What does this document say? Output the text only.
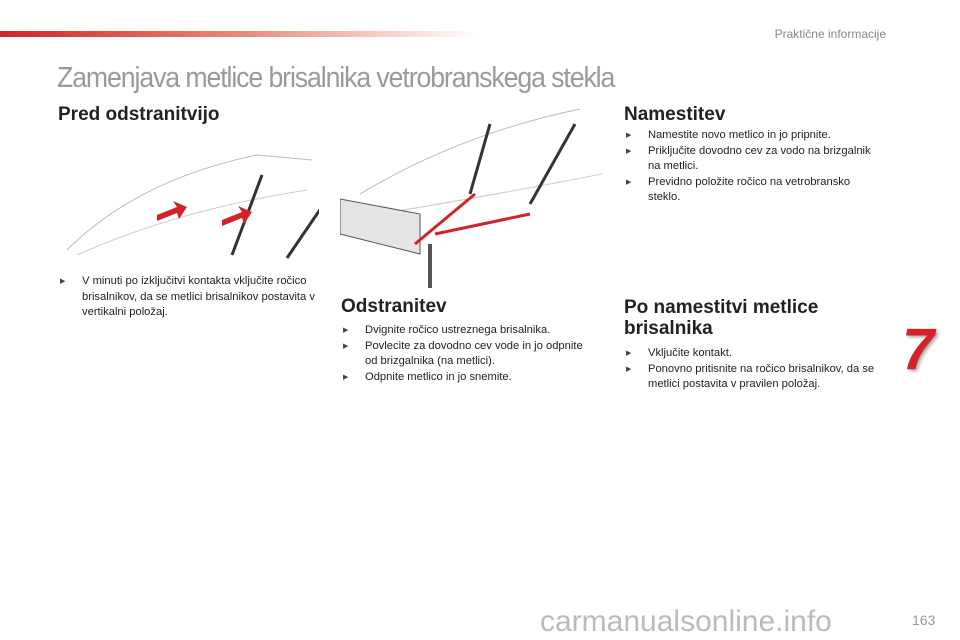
Praktične informacije
Zamenjava metlice brisalnika vetrobranskega stekla
Pred odstranitvijo
▶ V minuti po izključitvi kontakta vključite ročico brisalnikov, da se metlici brisalnikov postavita v vertikalni položaj.	Odstranitev
▶ Dvignite ročico ustreznega brisalnika.
▶ Povlecite za dovodno cev vode in jo odpnite od brizgalnika (na metlici).
▶ Odpnite metlico in jo snemite.
Namestitev
▶ Namestite novo metlico in jo pripnite.
▶ Priključite dovodno cev za vodo na brizgalnik na metlici.
▶ Previdno položite ročico na vetrobransko steklo.
Po namestitvi metlice brisalnika
▶ Vključite kontakt.
▶ Ponovno pritisnite na ročico brisalnikov, da se metlici postavita v pravilen položaj.
7
carmanualsonline.info	163
